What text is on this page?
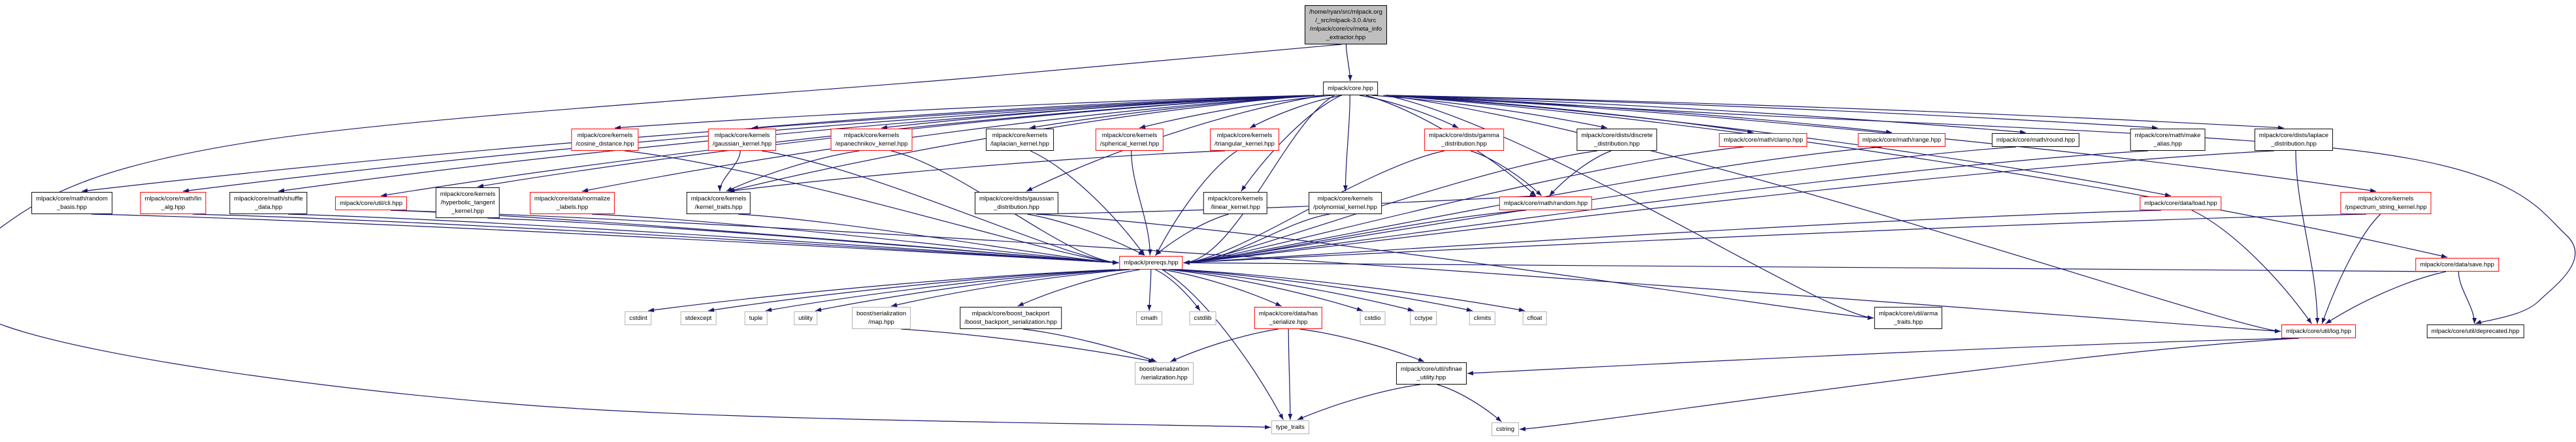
/home/ryan/src/mlpack.org
/_src/mlpack-3.0.4/src
/mlpack/core/cv/meta_info
_extractor.hpp
mlpack/core.hpp
mlpack/core/kernels
/cosine_distance.hpp
mlpack/core/kernels
/gaussian_kernel.hpp
mlpack/core/kernels
/epanechnikov_kernel.hpp
mlpack/core/kernels
/laplacian_kernel.hpp
mlpack/core/kernels
/spherical_kernel.hpp
mlpack/core/kernels
/triangular_kernel.hpp
mlpack/core/dists/gamma
_distribution.hpp
mlpack/core/dists/discrete
_distribution.hpp
mlpack/core/math/clamp.hpp	mlpack/core/math/range.hpp	mlpack/core/math/round.hpp
mlpack/core/math/make
_alias.hpp
mlpack/core/dists/laplace
_distribution.hpp
mlpack/core/math/random
_basis.hpp
mlpack/core/math/lin
_alg.hpp
mlpack/core/math/shuffle
_data.hpp
mlpack/core/util/cli.hpp
mlpack/core/kernels
/hyperbolic_tangent
_kernel.hpp
mlpack/core/data/normalize
_labels.hpp
mlpack/core/kernels
/kernel_traits.hpp
mlpack/core/dists/gaussian
_distribution.hpp
mlpack/core/kernels
/linear_kernel.hpp
mlpack/core/kernels
/polynomial_kernel.hpp
mlpack/core/math/random.hpp	mlpack/core/data/load.hpp
mlpack/core/kernels
/pspectrum_string_kernel.hpp
mlpack/prereqs.hpp	mlpack/core/data/save.hpp
cstdint	stdexcept	tuple	utility
boost/serialization
/map.hpp
mlpack/core/boost_backport
/boost_backport_serialization.hpp
cmath	cstdlib
mlpack/core/data/has
_serialize.hpp
cstdio	cctype	climits	cfloat
mlpack/core/util/arma
_traits.hpp
mlpack/core/util/log.hpp	mlpack/core/util/deprecated.hpp
boost/serialization
/serialization.hpp
mlpack/core/util/sfinae
_utility.hpp
type_traits	cstring
